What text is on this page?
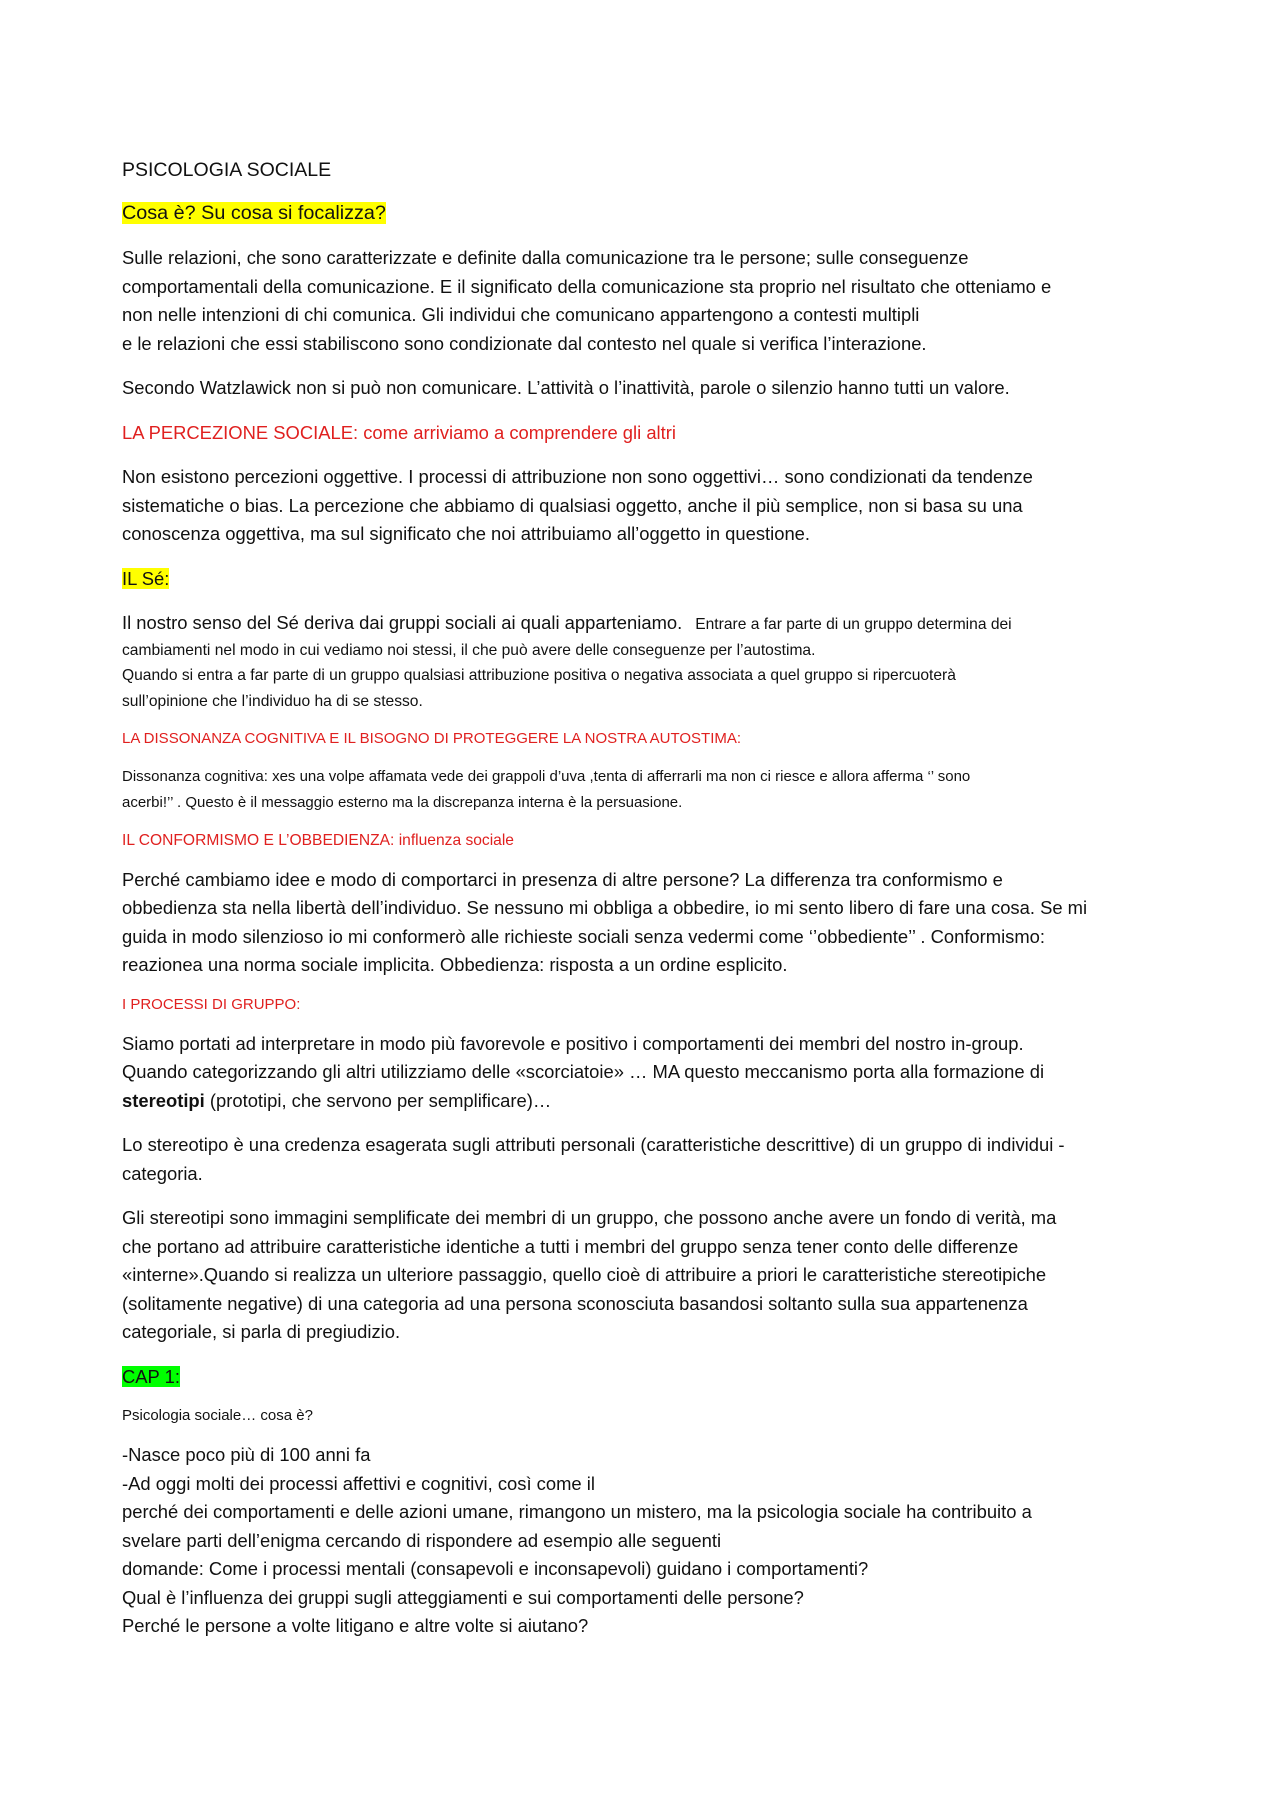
PSICOLOGIA SOCIALE

Cosa è? Su cosa si focalizza?

Sulle relazioni, che sono caratterizzate e definite dalla comunicazione tra le persone; sulle conseguenze
comportamentali della comunicazione. E il significato della comunicazione sta proprio nel risultato che otteniamo e
non nelle intenzioni di chi comunica. Gli individui che comunicano appartengono a contesti multipli
e le relazioni che essi stabiliscono sono condizionate dal contesto nel quale si verifica l’interazione.

Secondo Watzlawick non si può non comunicare. L’attività o l’inattività, parole o silenzio hanno tutti un valore.

LA PERCEZIONE SOCIALE: come arriviamo a comprendere gli altri

Non esistono percezioni oggettive. I processi di attribuzione non sono oggettivi… sono condizionati da tendenze
sistematiche o bias. La percezione che abbiamo di qualsiasi oggetto, anche il più semplice, non si basa su una
conoscenza oggettiva, ma sul significato che noi attribuiamo all’oggetto in questione.

IL Sé:

Il nostro senso del Sé deriva dai gruppi sociali ai quali apparteniamo.   Entrare a far parte di un gruppo determina dei
cambiamenti nel modo in cui vediamo noi stessi, il che può avere delle conseguenze per l’autostima.
Quando si entra a far parte di un gruppo qualsiasi attribuzione positiva o negativa associata a quel gruppo si ripercuoterà
sull’opinione che l’individuo ha di se stesso.

LA DISSONANZA COGNITIVA E IL BISOGNO DI PROTEGGERE LA NOSTRA AUTOSTIMA:

Dissonanza cognitiva: xes una volpe affamata vede dei grappoli d’uva ,tenta di afferrarli ma non ci riesce e allora afferma ‘’ sono
acerbi!’’ . Questo è il messaggio esterno ma la discrepanza interna è la persuasione.

IL CONFORMISMO E L’OBBEDIENZA: influenza sociale

Perché cambiamo idee e modo di comportarci in presenza di altre persone? La differenza tra conformismo e
obbedienza sta nella libertà dell’individuo. Se nessuno mi obbliga a obbedire, io mi sento libero di fare una cosa. Se mi
guida in modo silenzioso io mi conformerò alle richieste sociali senza vedermi come ‘’obbediente’’ . Conformismo:
reazionea una norma sociale implicita. Obbedienza: risposta a un ordine esplicito.

I PROCESSI DI GRUPPO:

Siamo portati ad interpretare in modo più favorevole e positivo i comportamenti dei membri del nostro in-group.
Quando categorizzando gli altri utilizziamo delle «scorciatoie» … MA questo meccanismo porta alla formazione di
stereotipi (prototipi, che servono per semplificare)…

Lo stereotipo è una credenza esagerata sugli attributi personali (caratteristiche descrittive) di un gruppo di individui -
categoria.

Gli stereotipi sono immagini semplificate dei membri di un gruppo, che possono anche avere un fondo di verità, ma
che portano ad attribuire caratteristiche identiche a tutti i membri del gruppo senza tener conto delle differenze
«interne».Quando si realizza un ulteriore passaggio, quello cioè di attribuire a priori le caratteristiche stereotipiche
(solitamente negative) di una categoria ad una persona sconosciuta basandosi soltanto sulla sua appartenenza
categoriale, si parla di pregiudizio.

CAP 1:

Psicologia sociale… cosa è?

-Nasce poco più di 100 anni fa
-Ad oggi molti dei processi affettivi e cognitivi, così come il
perché dei comportamenti e delle azioni umane, rimangono un mistero, ma la psicologia sociale ha contribuito a
svelare parti dell’enigma cercando di rispondere ad esempio alle seguenti
domande: Come i processi mentali (consapevoli e inconsapevoli) guidano i comportamenti?
Qual è l’influenza dei gruppi sugli atteggiamenti e sui comportamenti delle persone?
Perché le persone a volte litigano e altre volte si aiutano?
